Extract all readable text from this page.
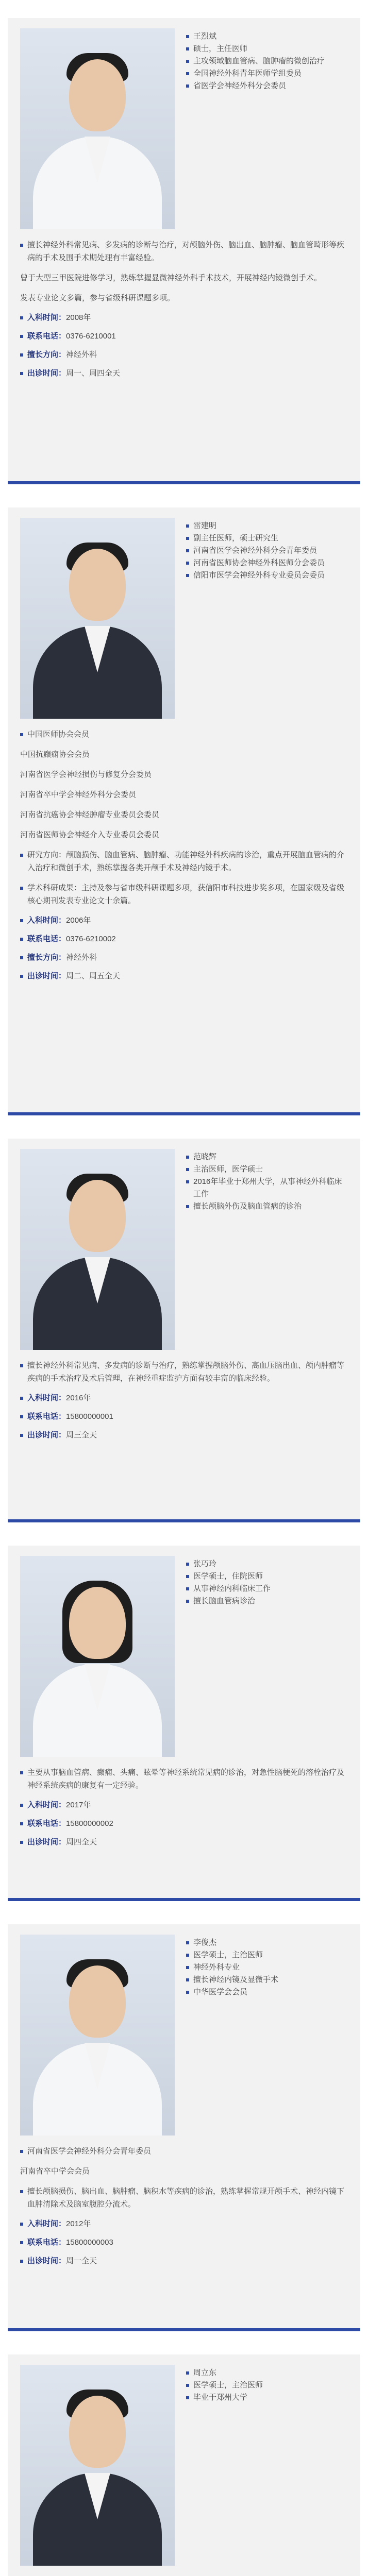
王烈斌
硕士，主任医师
主攻领域脑血管病、脑肿瘤的微创治疗
全国神经外科青年医师学组委员
省医学会神经外科分会委员

擅长神经外科常见病、多发病的诊断与治疗，对颅脑外伤、脑出血、脑肿瘤、脑血管畸形等疾病的手术及围手术期处理有丰富经验。

曾于大型三甲医院进修学习，熟练掌握显微神经外科手术技术，开展神经内镜微创手术。

发表专业论文多篇，参与省级科研课题多项。

入科时间：2008年
联系电话：0376-6210001
擅长方向：神经外科
出诊时间：周一、周四全天
雷建明
副主任医师，硕士研究生
河南省医学会神经外科分会青年委员
河南省医师协会神经外科医师分会委员
信阳市医学会神经外科专业委员会委员

中国医师协会会员

中国抗癫痫协会会员

河南省医学会神经损伤与修复分会委员

河南省卒中学会神经外科分会委员

河南省抗癌协会神经肿瘤专业委员会委员

河南省医师协会神经介入专业委员会委员

研究方向：颅脑损伤、脑血管病、脑肿瘤、功能神经外科疾病的诊治，重点开展脑血管病的介入治疗和微创手术，熟练掌握各类开颅手术及神经内镜手术。

学术科研成果：主持及参与省市级科研课题多项，获信阳市科技进步奖多项，在国家级及省级核心期刊发表专业论文十余篇。

入科时间：2006年
联系电话：0376-6210002
擅长方向：神经外科
出诊时间：周二、周五全天
范晓辉
主治医师，医学硕士
2016年毕业于郑州大学，从事神经外科临床工作
擅长颅脑外伤及脑血管病的诊治

擅长神经外科常见病、多发病的诊断与治疗，熟练掌握颅脑外伤、高血压脑出血、颅内肿瘤等疾病的手术治疗及术后管理，在神经重症监护方面有较丰富的临床经验。

入科时间：2016年
联系电话：15800000001
出诊时间：周三全天
张巧玲
医学硕士，住院医师
从事神经内科临床工作
擅长脑血管病诊治

主要从事脑血管病、癫痫、头痛、眩晕等神经系统常见病的诊治，对急性脑梗死的溶栓治疗及神经系统疾病的康复有一定经验。

入科时间：2017年
联系电话：15800000002
出诊时间：周四全天
李俊杰
医学硕士，主治医师
神经外科专业
擅长神经内镜及显微手术
中华医学会会员

河南省医学会神经外科分会青年委员

河南省卒中学会会员

擅长颅脑损伤、脑出血、脑肿瘤、脑积水等疾病的诊治，熟练掌握常规开颅手术、神经内镜下血肿清除术及脑室腹腔分流术。

入科时间：2012年
联系电话：15800000003
出诊时间：周一全天
周立东
医学硕士，主治医师
毕业于郑州大学
